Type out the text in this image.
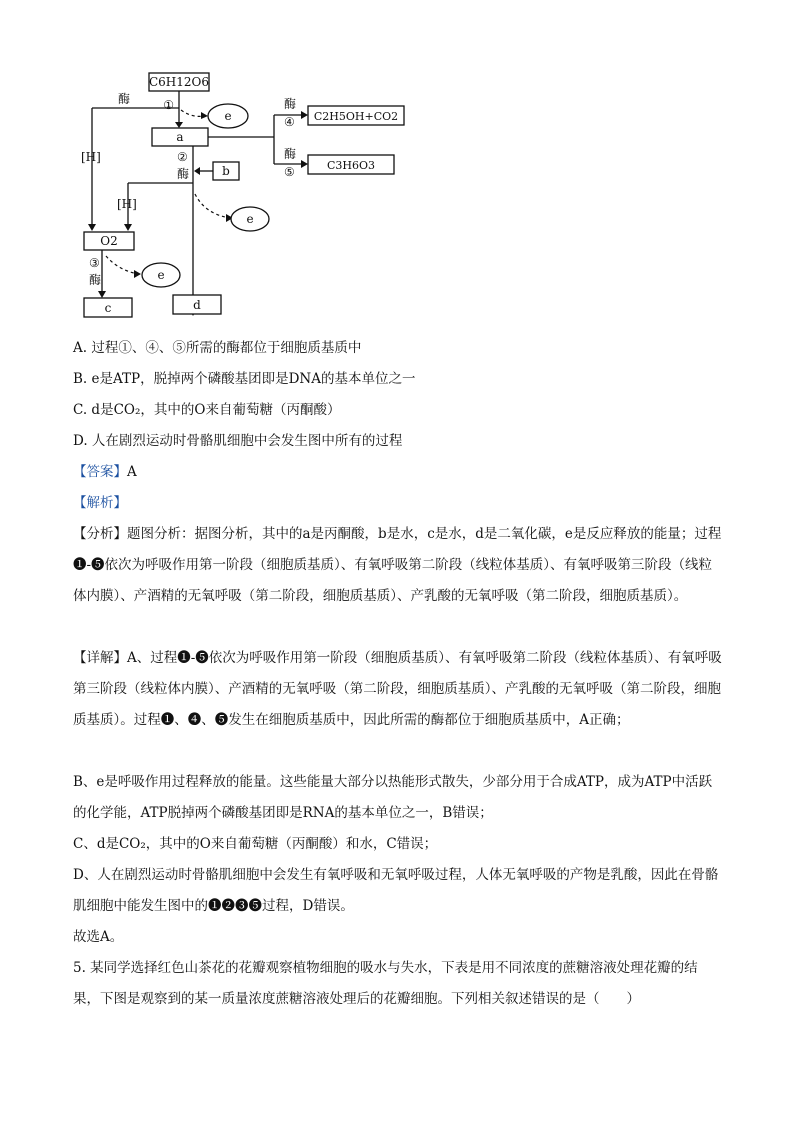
C6H12O6
①
酶
[H]
e
a
酶
④
酶
⑤
C2H5OH+CO2
C3H6O3
②
酶	b
[H]
e
O2
③
酶	e
c	d

A. 过程①、④、⑤所需的酶都位于细胞质基质中

B. e是ATP，脱掉两个磷酸基团即是DNA的基本单位之一

C. d是CO₂，其中的O来自葡萄糖（丙酮酸）

D. 人在剧烈运动时骨骼肌细胞中会发生图中所有的过程

【答案】A

【解析】

【分析】题图分析：据图分析，其中的a是丙酮酸，b是水，c是水，d是二氧化碳，e是反应释放的能量；过程❶-❺依次为呼吸作用第一阶段（细胞质基质）、有氧呼吸第二阶段（线粒体基质）、有氧呼吸第三阶段（线粒体内膜）、产酒精的无氧呼吸（第二阶段，细胞质基质）、产乳酸的无氧呼吸（第二阶段，细胞质基质）。

【详解】A、过程❶-❺依次为呼吸作用第一阶段（细胞质基质）、有氧呼吸第二阶段（线粒体基质）、有氧呼吸第三阶段（线粒体内膜）、产酒精的无氧呼吸（第二阶段，细胞质基质）、产乳酸的无氧呼吸（第二阶段，细胞质基质）。过程❶、❹、❺发生在细胞质基质中，因此所需的酶都位于细胞质基质中，A正确；

B、e是呼吸作用过程释放的能量。这些能量大部分以热能形式散失，少部分用于合成ATP，成为ATP中活跃的化学能，ATP脱掉两个磷酸基团即是RNA的基本单位之一，B错误；

C、d是CO₂，其中的O来自葡萄糖（丙酮酸）和水，C错误；

D、人在剧烈运动时骨骼肌细胞中会发生有氧呼吸和无氧呼吸过程，人体无氧呼吸的产物是乳酸，因此在骨骼肌细胞中能发生图中的❶❷❸❺过程，D错误。

故选A。

5. 某同学选择红色山茶花的花瓣观察植物细胞的吸水与失水，下表是用不同浓度的蔗糖溶液处理花瓣的结果，下图是观察到的某一质量浓度蔗糖溶液处理后的花瓣细胞。下列相关叙述错误的是（　　）
